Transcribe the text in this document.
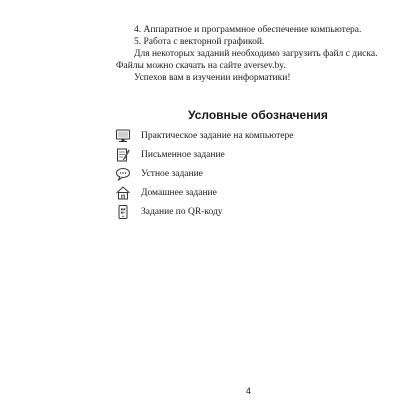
4. Аппаратное и программное обеспечение компьютера.
5. Работа с векторной графикой.
Для некоторых заданий необходимо загрузить файл с диска.
Файлы можно скачать на сайте aversev.by.
Успехов вам в изучении информатики!
Условные обозначения
Практическое задание на компьютере
Письменное задание
Устное задание
Домашнее задание
Задание по QR-коду
4
